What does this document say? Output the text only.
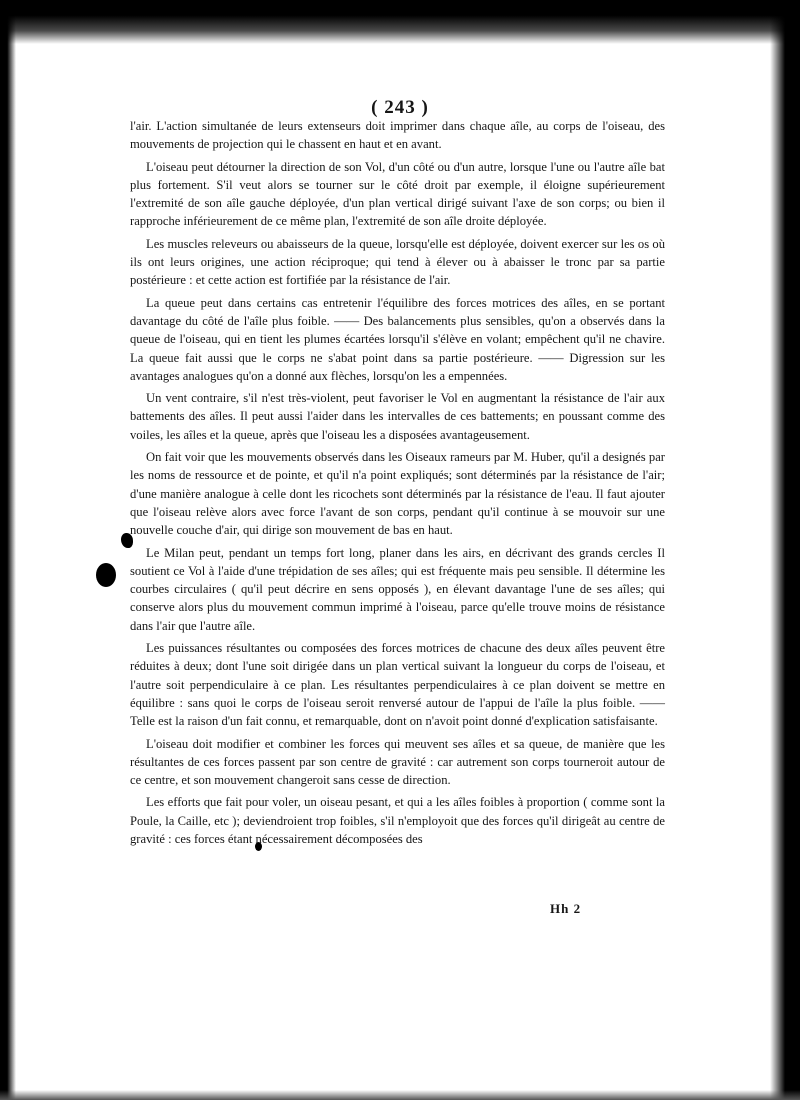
( 243 )

l'air. L'action simultanée de leurs extenseurs doit imprimer dans chaque aîle, au corps de l'oiseau, des mouvements de projection qui le chassent en haut et en avant.

L'oiseau peut détourner la direction de son Vol, d'un côté ou d'un autre, lorsque l'une ou l'autre aîle bat plus fortement. S'il veut alors se tourner sur le côté droit par exemple, il éloigne supérieurement l'extremité de son aîle gauche déployée, d'un plan vertical dirigé suivant l'axe de son corps; ou bien il rapproche inférieurement de ce même plan, l'extremité de son aîle droite déployée.

Les muscles releveurs ou abaisseurs de la queue, lorsqu'elle est déployée, doivent exercer sur les os où ils ont leurs origines, une action réciproque; qui tend à élever ou à abaisser le tronc par sa partie postérieure : et cette action est fortifiée par la résistance de l'air.

La queue peut dans certains cas entretenir l'équilibre des forces motrices des aîles, en se portant davantage du côté de l'aîle plus foible. —— Des balancements plus sensibles, qu'on a observés dans la queue de l'oiseau, qui en tient les plumes écartées lorsqu'il s'élève en volant; empêchent qu'il ne chavire. La queue fait aussi que le corps ne s'abat point dans sa partie postérieure. —— Digression sur les avantages analogues qu'on a donné aux flèches, lorsqu'on les a empennées.

Un vent contraire, s'il n'est très-violent, peut favoriser le Vol en augmentant la résistance de l'air aux battements des aîles. Il peut aussi l'aider dans les intervalles de ces battements; en poussant comme des voiles, les aîles et la queue, après que l'oiseau les a disposées avantageusement.

On fait voir que les mouvements observés dans les Oiseaux rameurs par M. Huber, qu'il a designés par les noms de ressource et de pointe, et qu'il n'a point expliqués; sont déterminés par la résistance de l'air; d'une manière analogue à celle dont les ricochets sont déterminés par la résistance de l'eau. Il faut ajouter que l'oiseau relève alors avec force l'avant de son corps, pendant qu'il continue à se mouvoir sur une nouvelle couche d'air, qui dirige son mouvement de bas en haut.

Le Milan peut, pendant un temps fort long, planer dans les airs, en décrivant des grands cercles Il soutient ce Vol à l'aide d'une trépidation de ses aîles; qui est fréquente mais peu sensible. Il détermine les courbes circulaires ( qu'il peut décrire en sens opposés ), en élevant davantage l'une de ses aîles; qui conserve alors plus du mouvement commun imprimé à l'oiseau, parce qu'elle trouve moins de résistance dans l'air que l'autre aîle.

Les puissances résultantes ou composées des forces motrices de chacune des deux aîles peuvent être réduites à deux; dont l'une soit dirigée dans un plan vertical suivant la longueur du corps de l'oiseau, et l'autre soit perpendiculaire à ce plan. Les résultantes perpendiculaires à ce plan doivent se mettre en équilibre : sans quoi le corps de l'oiseau seroit renversé autour de l'appui de l'aîle la plus foible. —— Telle est la raison d'un fait connu, et remarquable, dont on n'avoit point donné d'explication satisfaisante.

L'oiseau doit modifier et combiner les forces qui meuvent ses aîles et sa queue, de manière que les résultantes de ces forces passent par son centre de gravité : car autrement son corps tourneroit autour de ce centre, et son mouvement changeroit sans cesse de direction.

Les efforts que fait pour voler, un oiseau pesant, et qui a les aîles foibles à proportion ( comme sont la Poule, la Caille, etc ); deviendroient trop foibles, s'il n'employoit que des forces qu'il dirigeât au centre de gravité : ces forces étant nécessairement décomposées des

Hh 2
